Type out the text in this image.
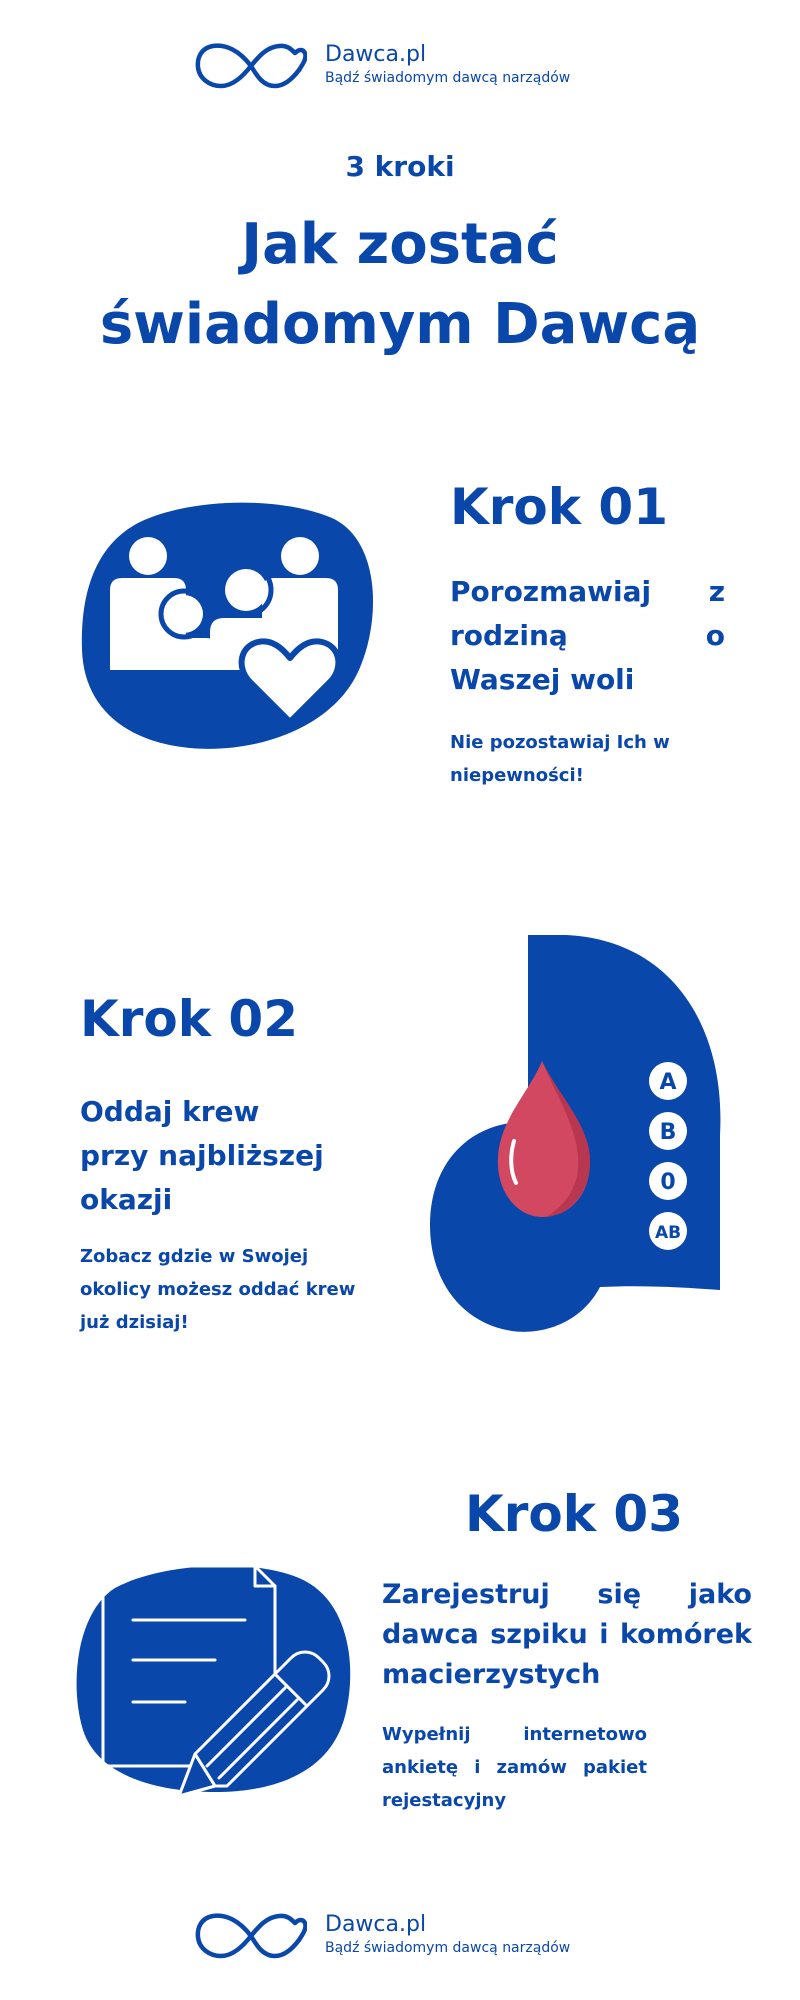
Dawca.pl
Bądź świadomym dawcą narządów
3 kroki
Jak zostać
świadomym Dawcą
Krok 01
Porozmawiaj z
rodziną o
Waszej woli
Nie pozostawiaj Ich w
niepewności!
Krok 02
Oddaj krew
przy najbliższej
okazji
Zobacz gdzie w Swojej
okolicy możesz oddać krew
już dzisiaj!
A
B
0
AB
Krok 03
Zarejestruj się jako
dawca szpiku i komórek
macierzystych
Wypełnij internetowo
ankietę i zamów pakiet
rejestacyjny
Dawca.pl
Bądź świadomym dawcą narządów
